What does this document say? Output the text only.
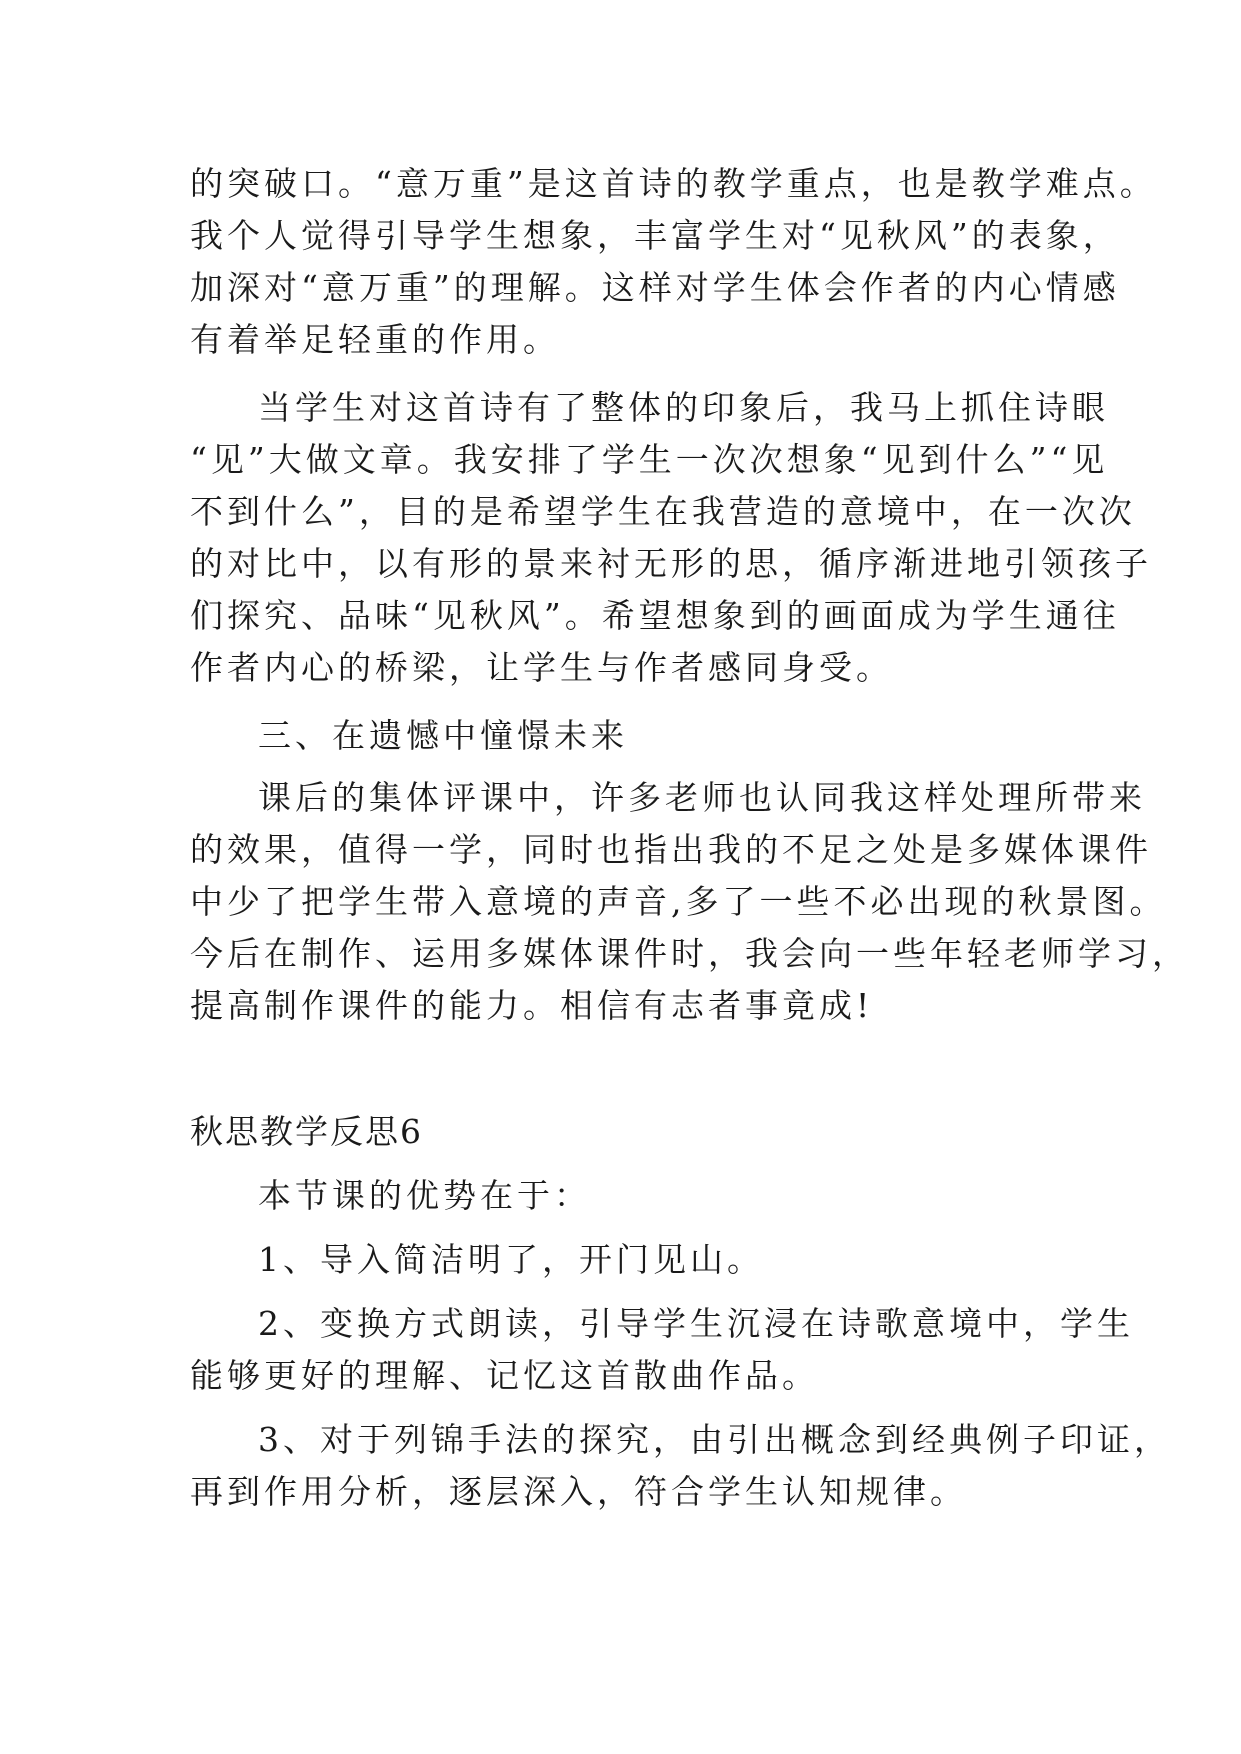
的突破口。“意万重”是这首诗的教学重点，也是教学难点。
我个人觉得引导学生想象，丰富学生对“见秋风”的表象，
加深对“意万重”的理解。这样对学生体会作者的内心情感
有着举足轻重的作用。
当学生对这首诗有了整体的印象后，我马上抓住诗眼
“见”大做文章。我安排了学生一次次想象“见到什么”“见
不到什么”，目的是希望学生在我营造的意境中，在一次次
的对比中，以有形的景来衬无形的思，循序渐进地引领孩子
们探究、品味“见秋风”。希望想象到的画面成为学生通往
作者内心的桥梁，让学生与作者感同身受。
三、在遗憾中憧憬未来
课后的集体评课中，许多老师也认同我这样处理所带来
的效果，值得一学，同时也指出我的不足之处是多媒体课件
中少了把学生带入意境的声音,多了一些不必出现的秋景图。
今后在制作、运用多媒体课件时，我会向一些年轻老师学习，
提高制作课件的能力。相信有志者事竟成!
秋思教学反思6
本节课的优势在于：
1、导入简洁明了，开门见山。
2、变换方式朗读，引导学生沉浸在诗歌意境中，学生
能够更好的理解、记忆这首散曲作品。
3、对于列锦手法的探究，由引出概念到经典例子印证，
再到作用分析，逐层深入，符合学生认知规律。
